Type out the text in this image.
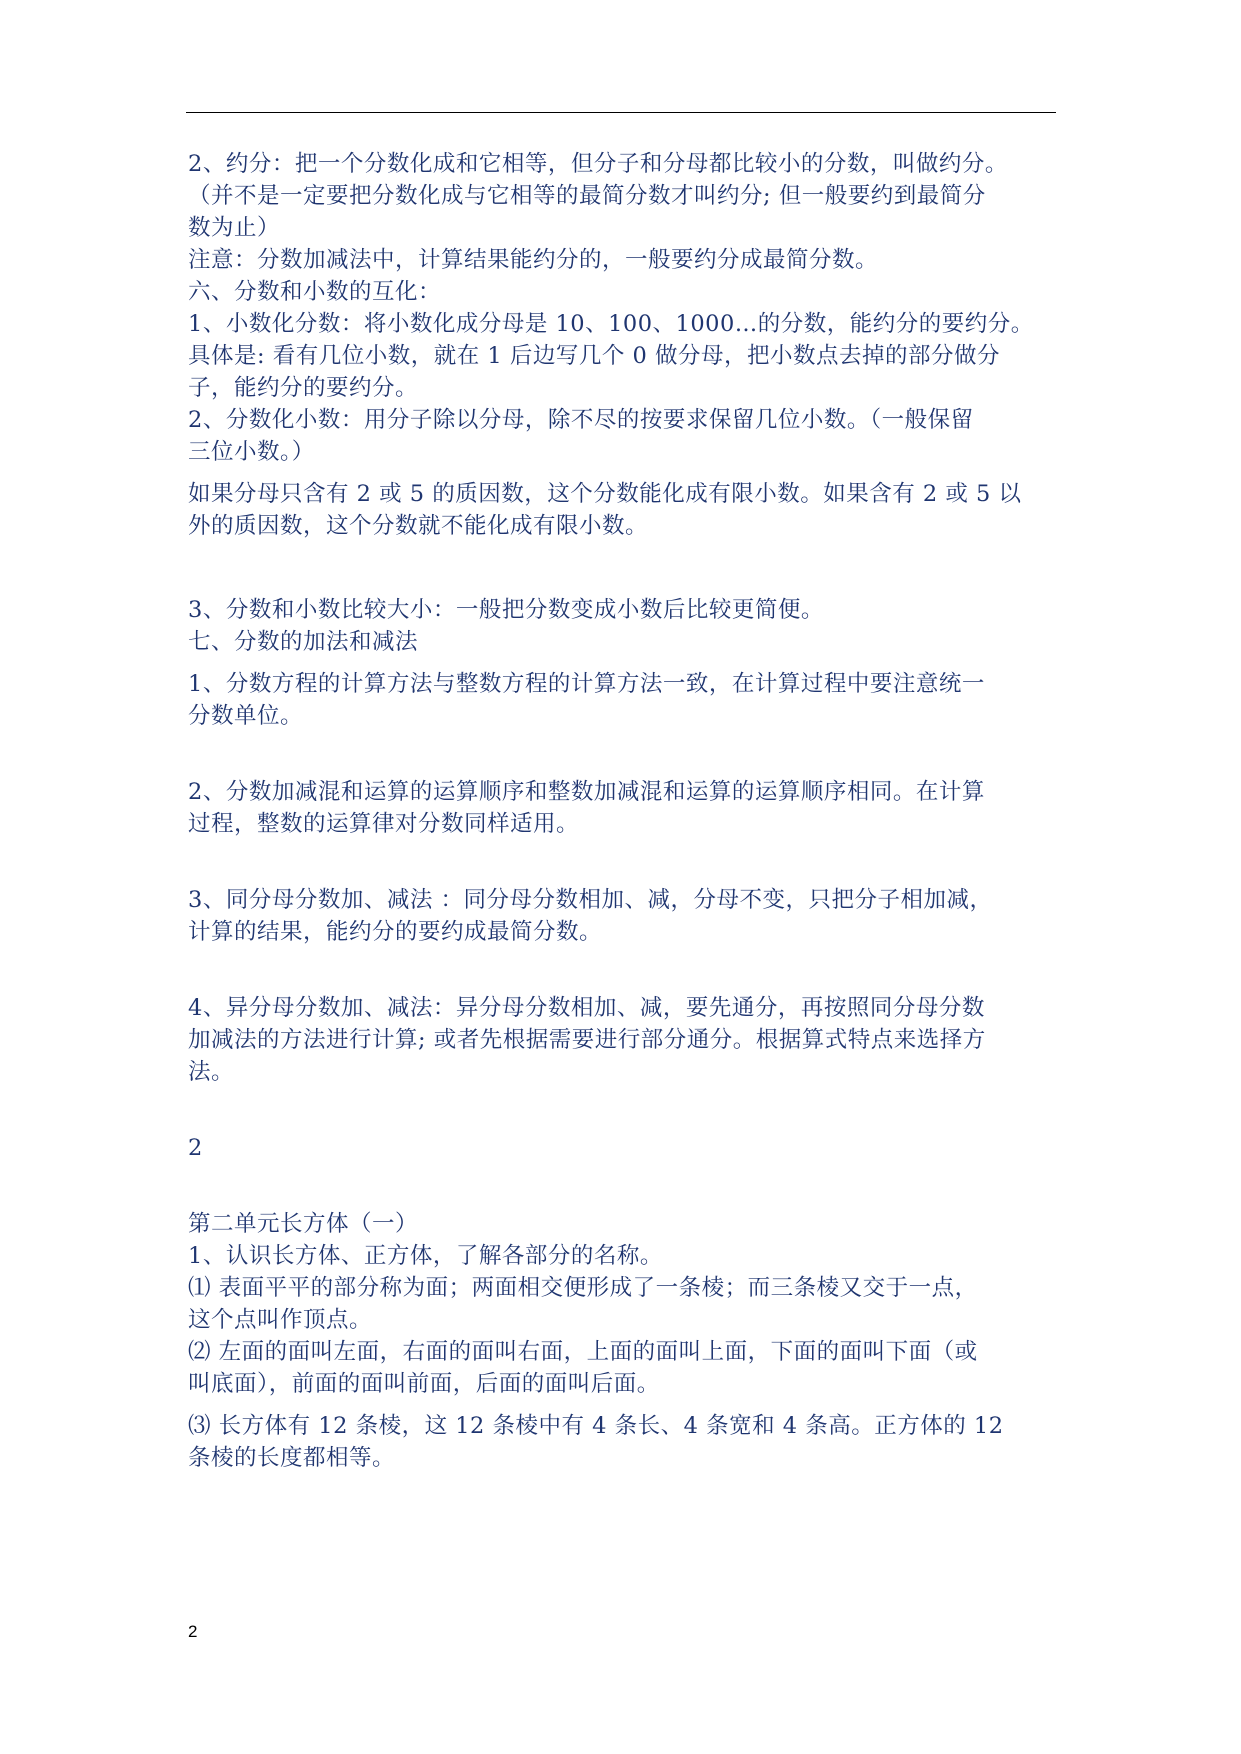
2、约分：把一个分数化成和它相等，但分子和分母都比较小的分数，叫做约分。
（并不是一定要把分数化成与它相等的最简分数才叫约分; 但一般要约到最简分
数为止）
注意：分数加减法中，计算结果能约分的，一般要约分成最简分数。
六、分数和小数的互化：
1、小数化分数：将小数化成分母是 10、100、1000…的分数，能约分的要约分。
具体是: 看有几位小数，就在 1 后边写几个 0 做分母，把小数点去掉的部分做分
子，能约分的要约分。
2、分数化小数：用分子除以分母，除不尽的按要求保留几位小数。（一般保留
三位小数。）
如果分母只含有 2 或 5 的质因数，这个分数能化成有限小数。如果含有 2 或 5 以
外的质因数，这个分数就不能化成有限小数。
3、分数和小数比较大小：一般把分数变成小数后比较更简便。
七、分数的加法和减法
1、分数方程的计算方法与整数方程的计算方法一致，在计算过程中要注意统一
分数单位。
2、分数加减混和运算的运算顺序和整数加减混和运算的运算顺序相同。在计算
过程，整数的运算律对分数同样适用。
3、同分母分数加、减法 ：同分母分数相加、减，分母不变，只把分子相加减，
计算的结果，能约分的要约成最简分数。
4、异分母分数加、减法：异分母分数相加、减，要先通分，再按照同分母分数
加减法的方法进行计算; 或者先根据需要进行部分通分。根据算式特点来选择方
法。
2
第二单元长方体（一）
1、认识长方体、正方体，了解各部分的名称。
⑴ 表面平平的部分称为面；两面相交便形成了一条棱；而三条棱又交于一点，
这个点叫作顶点。
⑵ 左面的面叫左面，右面的面叫右面，上面的面叫上面，下面的面叫下面（或
叫底面），前面的面叫前面，后面的面叫后面。
⑶ 长方体有 12 条棱，这 12 条棱中有 4 条长、4 条宽和 4 条高。正方体的 12
条棱的长度都相等。
2
